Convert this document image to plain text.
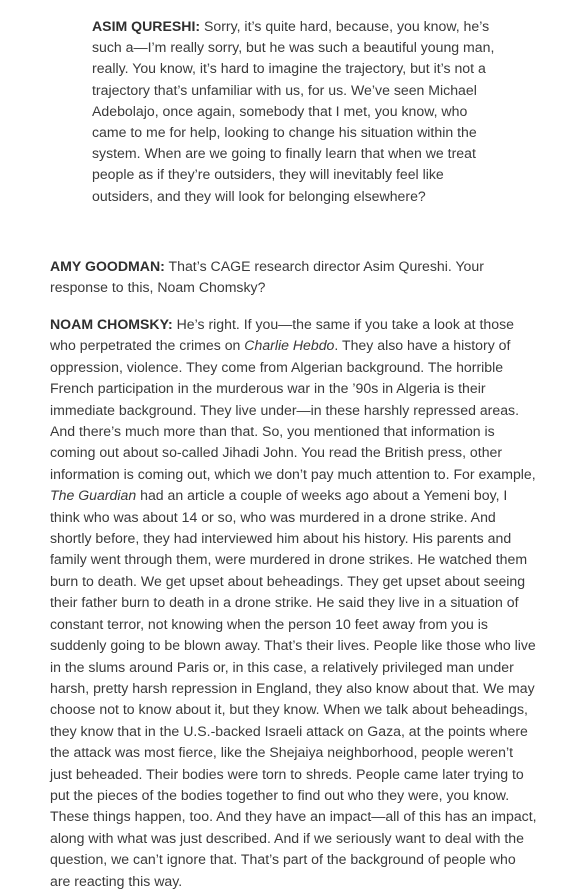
ASIM QURESHI: Sorry, it’s quite hard, because, you know, he’s such a—I’m really sorry, but he was such a beautiful young man, really. You know, it’s hard to imagine the trajectory, but it’s not a trajectory that’s unfamiliar with us, for us. We’ve seen Michael Adebolajo, once again, somebody that I met, you know, who came to me for help, looking to change his situation within the system. When are we going to finally learn that when we treat people as if they’re outsiders, they will inevitably feel like outsiders, and they will look for belonging elsewhere?

AMY GOODMAN: That’s CAGE research director Asim Qureshi. Your response to this, Noam Chomsky?

NOAM CHOMSKY: He’s right. If you—the same if you take a look at those who perpetrated the crimes on Charlie Hebdo. They also have a history of oppression, violence. They come from Algerian background. The horrible French participation in the murderous war in the ’90s in Algeria is their immediate background. They live under—in these harshly repressed areas. And there’s much more than that. So, you mentioned that information is coming out about so-called Jihadi John. You read the British press, other information is coming out, which we don’t pay much attention to. For example, The Guardian had an article a couple of weeks ago about a Yemeni boy, I think who was about 14 or so, who was murdered in a drone strike. And shortly before, they had interviewed him about his history. His parents and family went through them, were murdered in drone strikes. He watched them burn to death. We get upset about beheadings. They get upset about seeing their father burn to death in a drone strike. He said they live in a situation of constant terror, not knowing when the person 10 feet away from you is suddenly going to be blown away. That’s their lives. People like those who live in the slums around Paris or, in this case, a relatively privileged man under harsh, pretty harsh repression in England, they also know about that. We may choose not to know about it, but they know. When we talk about beheadings, they know that in the U.S.-backed Israeli attack on Gaza, at the points where the attack was most fierce, like the Shejaiya neighborhood, people weren’t just beheaded. Their bodies were torn to shreds. People came later trying to put the pieces of the bodies together to find out who they were, you know. These things happen, too. And they have an impact—all of this has an impact, along with what was just described. And if we seriously want to deal with the question, we can’t ignore that. That’s part of the background of people who are reacting this way.
